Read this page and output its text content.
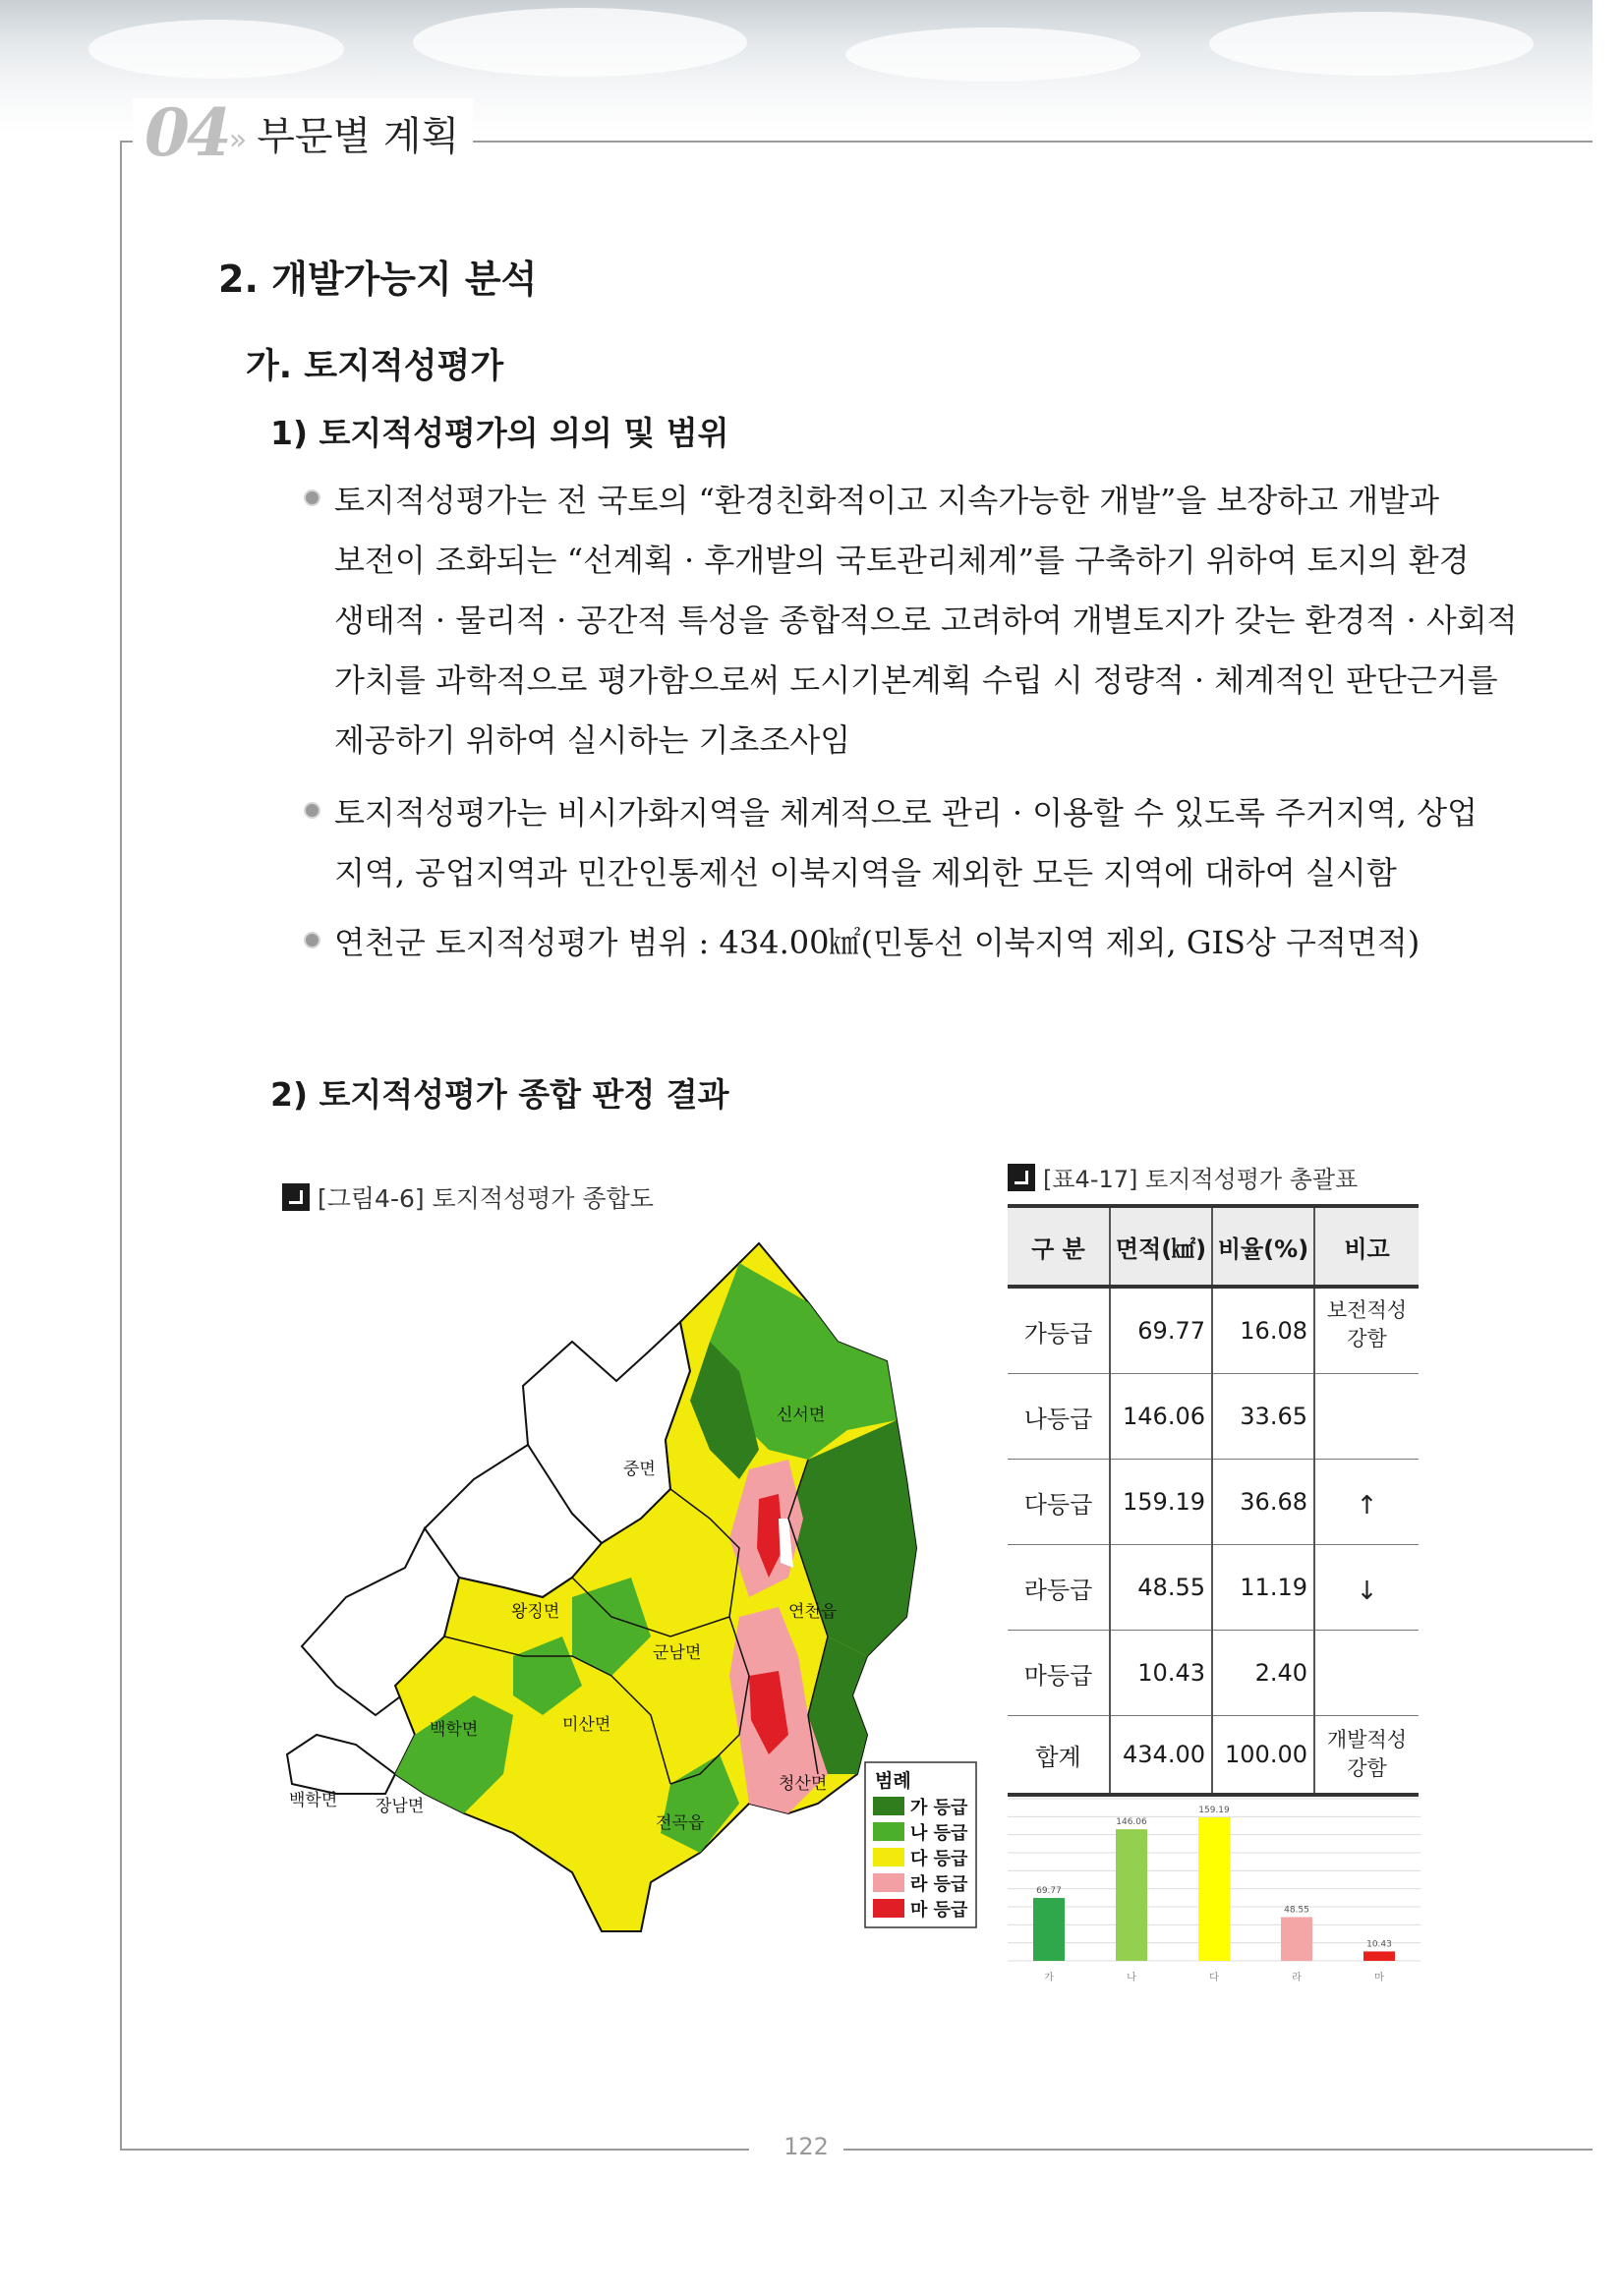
04 » 부문별 계획
2. 개발가능지 분석
가. 토지적성평가
1) 토지적성평가의 의의 및 범위
토지적성평가는 전 국토의 “환경친화적이고 지속가능한 개발”을 보장하고 개발과
보전이 조화되는 “선계획 · 후개발의 국토관리체계”를 구축하기 위하여 토지의 환경
생태적 · 물리적 · 공간적 특성을 종합적으로 고려하여 개별토지가 갖는 환경적 · 사회적
가치를 과학적으로 평가함으로써 도시기본계획 수립 시 정량적 · 체계적인 판단근거를
제공하기 위하여 실시하는 기초조사임
토지적성평가는 비시가화지역을 체계적으로 관리 · 이용할 수 있도록 주거지역, 상업
지역, 공업지역과 민간인통제선 이북지역을 제외한 모든 지역에 대하여 실시함
연천군 토지적성평가 범위 : 434.00㎢(민통선 이북지역 제외, GIS상 구적면적)
2) 토지적성평가 종합 판정 결과
[그림4-6] 토지적성평가 종합도
신서면
중면
왕징면	연천읍
군남면
백학면	미산면
청산면
백학면 장남면
전곡읍
범례
가 등급
나 등급
다 등급
라 등급
마 등급
[표4-17] 토지적성평가 총괄표
구 분	면적(㎢)	비율(%)	비고
가등급	69.77	16.08	보전적성
강함
나등급	146.06	33.65	
다등급	159.19	36.68	↑
라등급	48.55	11.19	↓
마등급	10.43	2.40	
합계	434.00	100.00	개발적성
강함
69.77
가
146.06
나
159.19
다
48.55
라
10.43
마
122
